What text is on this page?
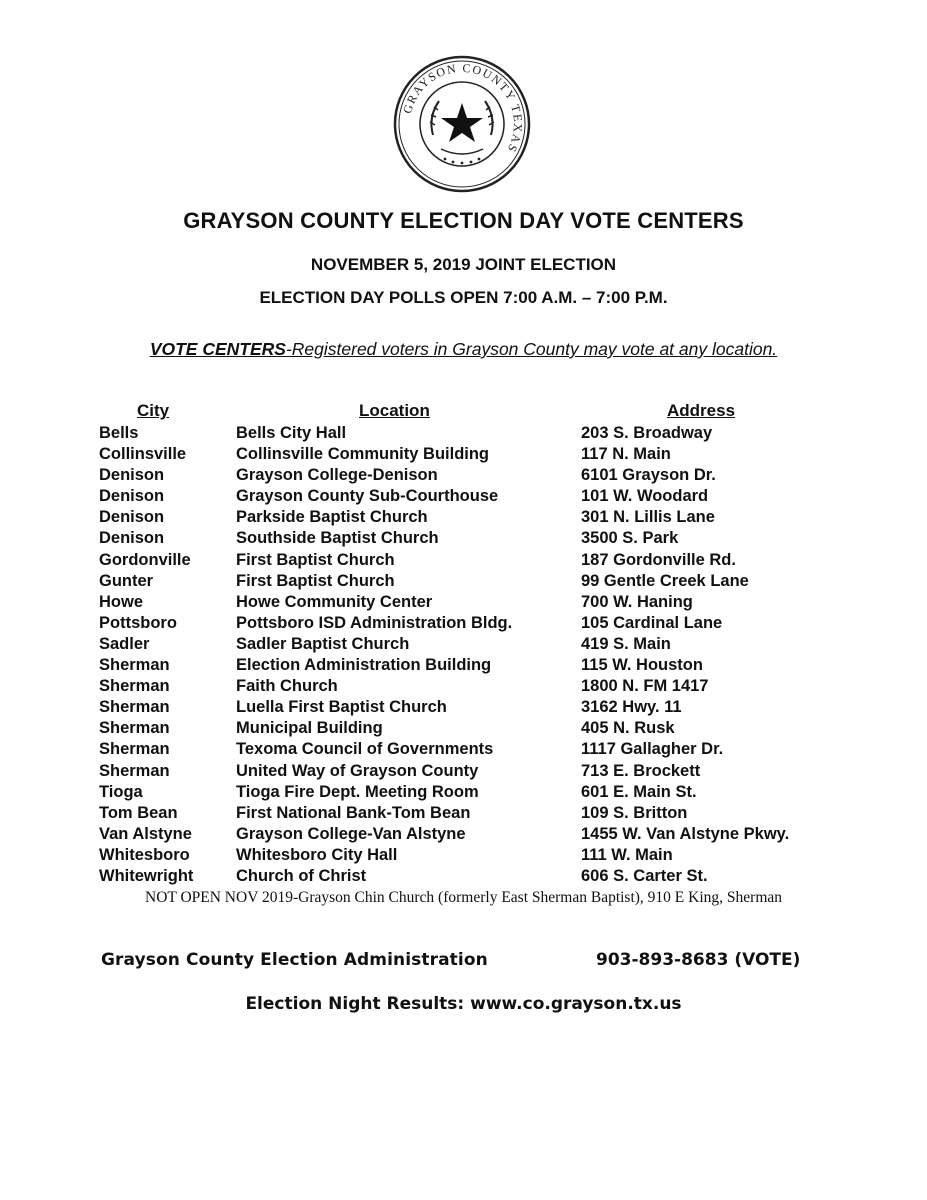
GRAYSON COUNTY TEXAS
GRAYSON COUNTY ELECTION DAY VOTE CENTERS
NOVEMBER 5, 2019 JOINT ELECTION
ELECTION DAY POLLS OPEN 7:00 A.M. – 7:00 P.M.
VOTE CENTERS-Registered voters in Grayson County may vote at any location.
City	Location	Address
Bells	Bells City Hall	203 S. Broadway
Collinsville	Collinsville Community Building	117 N. Main
Denison	Grayson College-Denison	6101 Grayson Dr.
Denison	Grayson County Sub-Courthouse	101 W. Woodard
Denison	Parkside Baptist Church	301 N. Lillis Lane
Denison	Southside Baptist Church	3500 S. Park
Gordonville	First Baptist Church	187 Gordonville Rd.
Gunter	First Baptist Church	99 Gentle Creek Lane
Howe	Howe Community Center	700 W. Haning
Pottsboro	Pottsboro ISD Administration Bldg.	105 Cardinal Lane
Sadler	Sadler Baptist Church	419 S. Main
Sherman	Election Administration Building	115 W. Houston
Sherman	Faith Church	1800 N. FM 1417
Sherman	Luella First Baptist Church	3162 Hwy. 11
Sherman	Municipal Building	405 N. Rusk
Sherman	Texoma Council of Governments	1117 Gallagher Dr.
Sherman	United Way of Grayson County	713 E. Brockett
Tioga	Tioga Fire Dept. Meeting Room	601 E. Main St.
Tom Bean	First National Bank-Tom Bean	109 S. Britton
Van Alstyne	Grayson College-Van Alstyne	1455 W. Van Alstyne Pkwy.
Whitesboro	Whitesboro City Hall	111 W. Main
Whitewright	Church of Christ	606 S. Carter St.
NOT OPEN NOV 2019-Grayson Chin Church (formerly East Sherman Baptist), 910 E King, Sherman
Grayson County Election Administration	903-893-8683 (VOTE)
Election Night Results: www.co.grayson.tx.us
